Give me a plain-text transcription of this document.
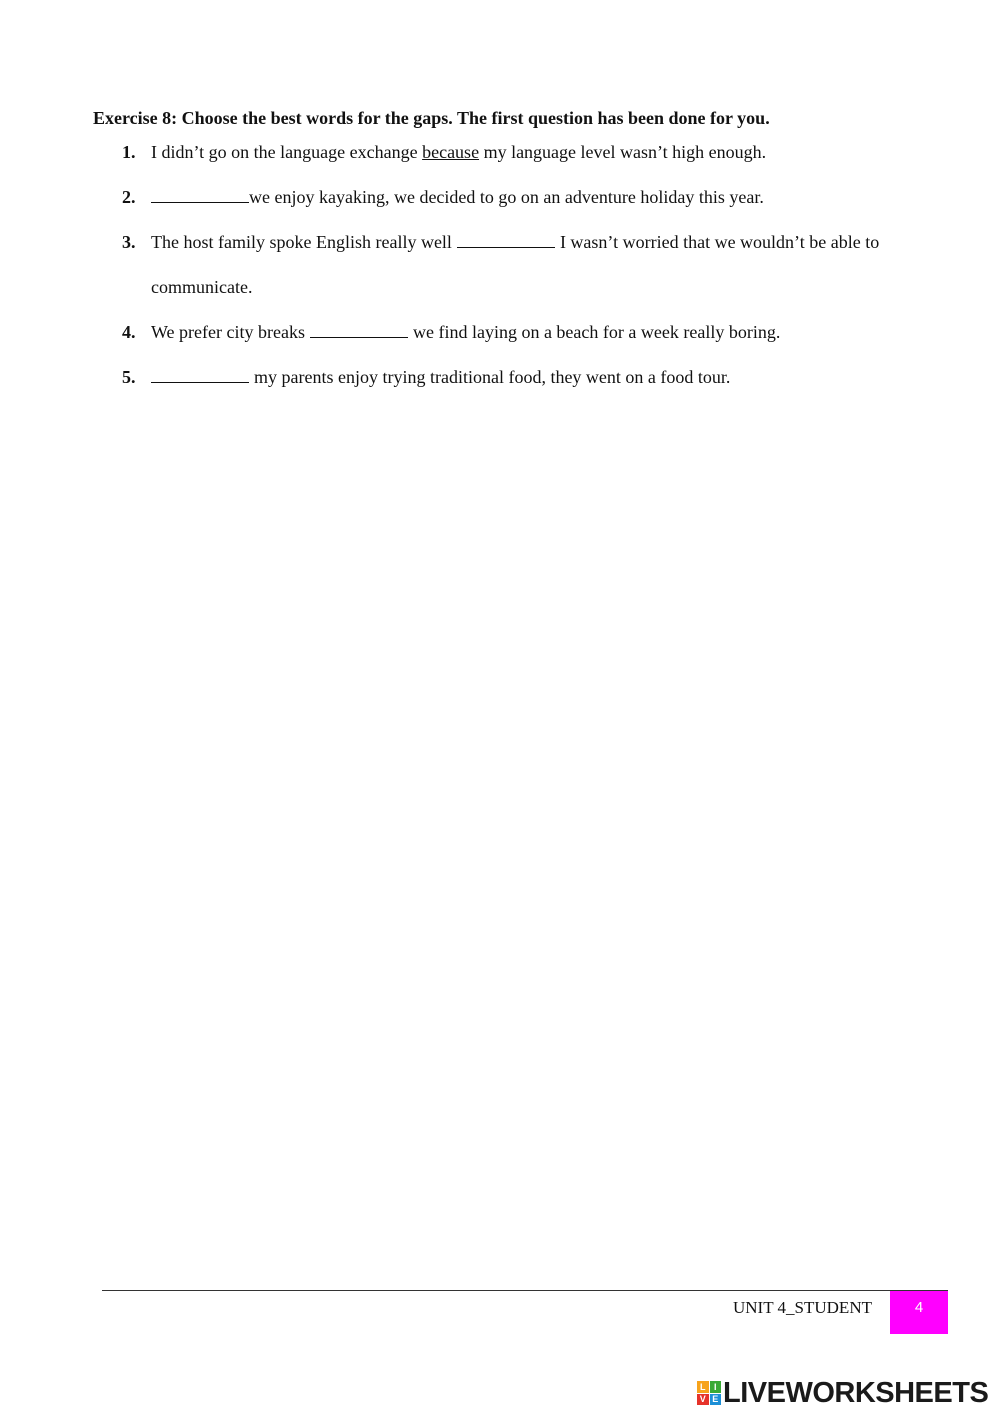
Exercise 8: Choose the best words for the gaps. The first question has been done for you.
1. I didn’t go on the language exchange because my language level wasn’t high enough.
2.	we enjoy kayaking, we decided to go on an adventure holiday this year.
3. The host family spoke English really well	I wasn’t worried that we wouldn’t be able to
communicate.
4. We prefer city breaks	we find laying on a beach for a week really boring.
5.	my parents enjoy trying traditional food, they went on a food tour.
UNIT 4_STUDENT	4
L I
V E LIVEWORKSHEETS
